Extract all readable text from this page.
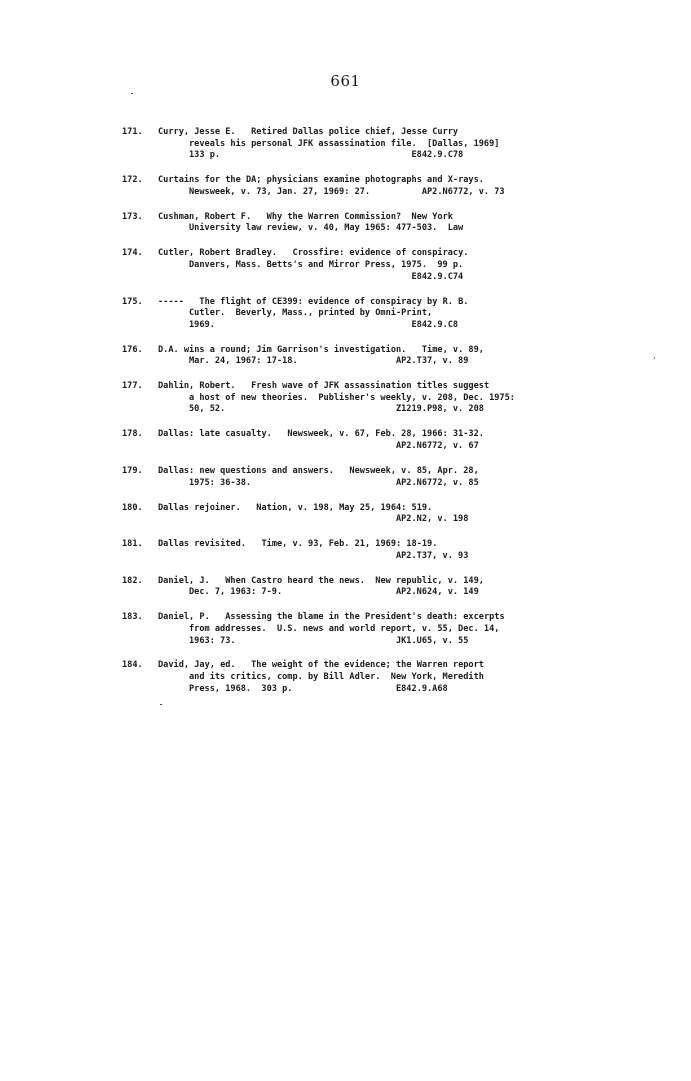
661
171.	Curry, Jesse E.   Retired Dallas police chief, Jesse Curry
reveals his personal JFK assassination file.  [Dallas, 1969]
133 p.                                     E842.9.C78
172.	Curtains for the DA; physicians examine photographs and X-rays.
Newsweek, v. 73, Jan. 27, 1969: 27.          AP2.N6772, v. 73
173.	Cushman, Robert F.   Why the Warren Commission?  New York
University law review, v. 40, May 1965: 477-503.  Law
174.	Cutler, Robert Bradley.   Crossfire: evidence of conspiracy.
Danvers, Mass. Betts's and Mirror Press, 1975.  99 p.
E842.9.C74
175.	-----   The flight of CE399: evidence of conspiracy by R. B.
Cutler.  Beverly, Mass., printed by Omni-Print,
1969.                                      E842.9.C8
176.	D.A. wins a round; Jim Garrison's investigation.   Time, v. 89,
Mar. 24, 1967: 17-18.                   AP2.T37, v. 89
177.	Dahlin, Robert.   Fresh wave of JFK assassination titles suggest
a host of new theories.  Publisher's weekly, v. 208, Dec. 1975:
50, 52.                                 Z1219.P98, v. 208
178.	Dallas: late casualty.   Newsweek, v. 67, Feb. 28, 1966: 31-32.
AP2.N6772, v. 67
179.	Dallas: new questions and answers.   Newsweek, v. 85, Apr. 28,
1975: 36-38.                            AP2.N6772, v. 85
180.	Dallas rejoiner.   Nation, v. 198, May 25, 1964: 519.
AP2.N2, v. 198
181.	Dallas revisited.   Time, v. 93, Feb. 21, 1969: 18-19.
AP2.T37, v. 93
182.	Daniel, J.   When Castro heard the news.  New republic, v. 149,
Dec. 7, 1963: 7-9.                      AP2.N624, v. 149
183.	Daniel, P.   Assessing the blame in the President's death: excerpts
from addresses.  U.S. news and world report, v. 55, Dec. 14,
1963: 73.                               JK1.U65, v. 55
184.	David, Jay, ed.   The weight of the evidence; the Warren report
and its critics, comp. by Bill Adler.  New York, Meredith
Press, 1968.  303 p.                    E842.9.A68
